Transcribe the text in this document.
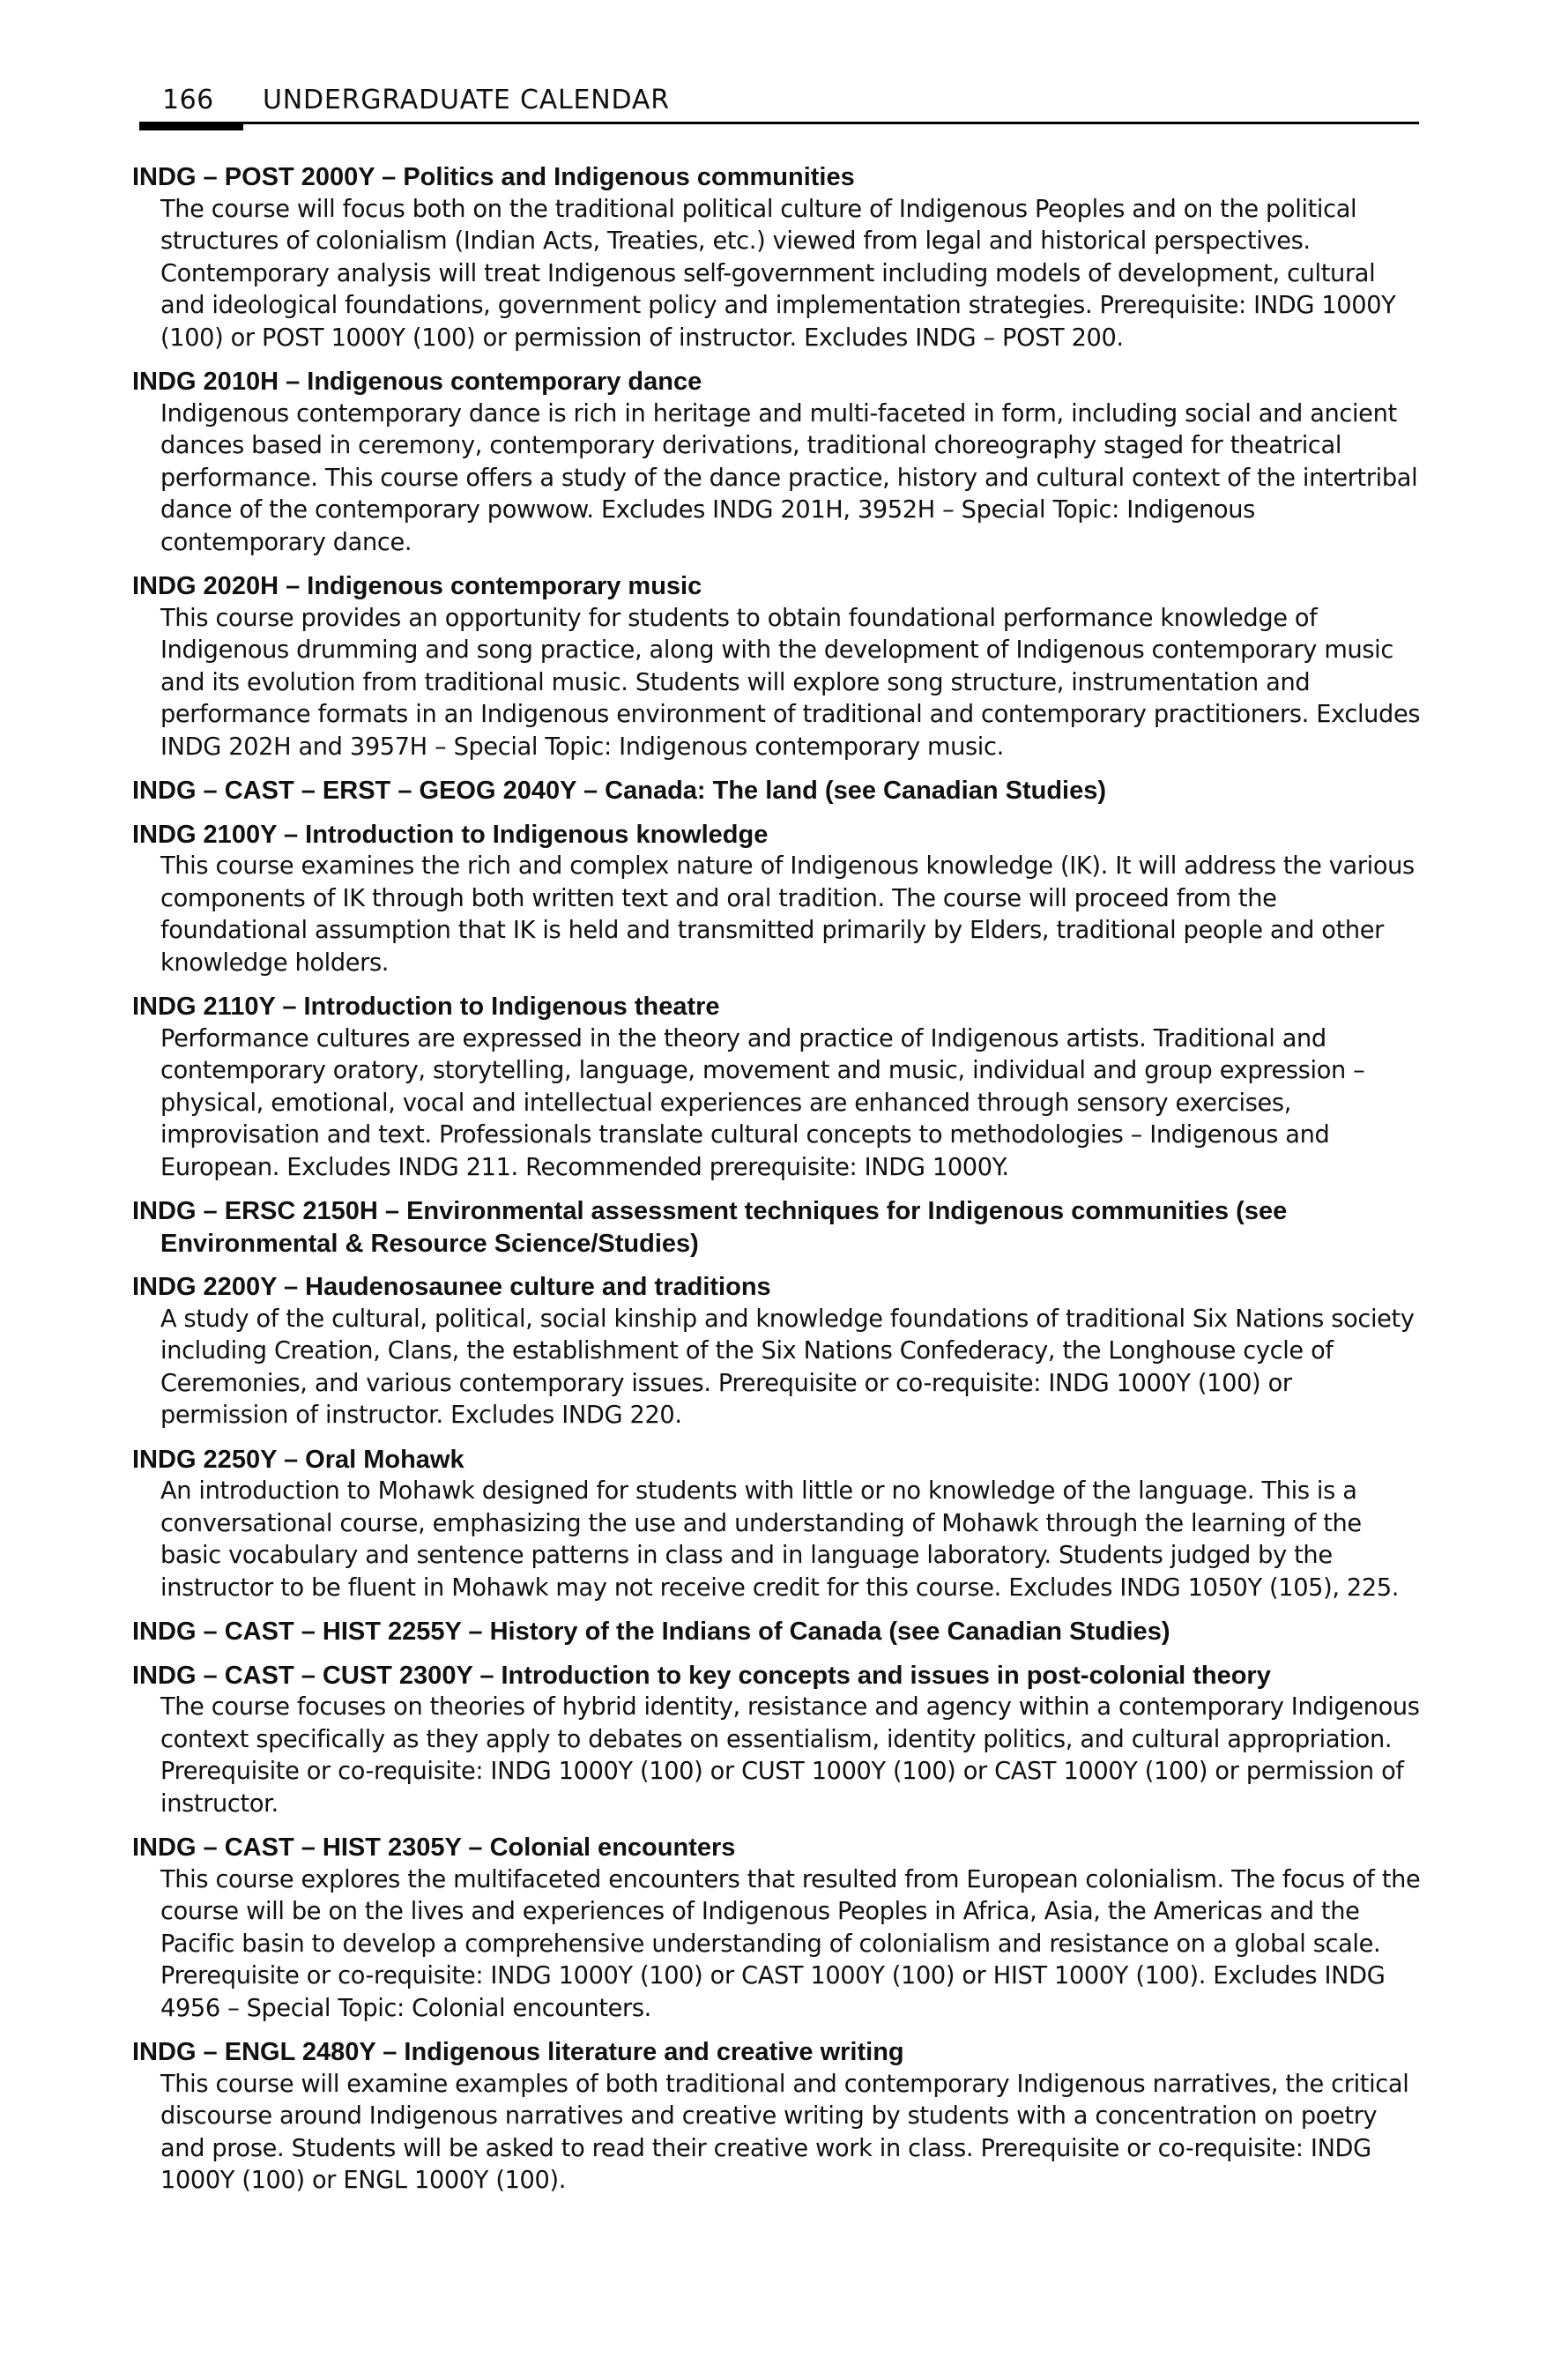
166 UNDERGRADUATE CALENDAR

INDG – POST 2000Y – Politics and Indigenous communities

The course will focus both on the traditional political culture of Indigenous Peoples and on the political structures of colonialism (Indian Acts, Treaties, etc.) viewed from legal and historical perspectives. Contemporary analysis will treat Indigenous self-government including models of development, cultural and ideological foundations, government policy and implementation strategies. Prerequisite: INDG 1000Y (100) or POST 1000Y (100) or permission of instructor. Excludes INDG – POST 200.

INDG 2010H – Indigenous contemporary dance

Indigenous contemporary dance is rich in heritage and multi-faceted in form, including social and ancient dances based in ceremony, contemporary derivations, traditional choreography staged for theatrical performance. This course offers a study of the dance practice, history and cultural context of the intertribal dance of the contemporary powwow. Excludes INDG 201H, 3952H – Special Topic: Indigenous contemporary dance.

INDG 2020H – Indigenous contemporary music

This course provides an opportunity for students to obtain foundational performance knowledge of Indigenous drumming and song practice, along with the development of Indigenous contemporary music and its evolution from traditional music. Students will explore song structure, instrumentation and performance formats in an Indigenous environment of traditional and contemporary practitioners. Excludes INDG 202H and 3957H – Special Topic: Indigenous contemporary music.

INDG – CAST – ERST – GEOG 2040Y – Canada: The land (see Canadian Studies)

INDG 2100Y – Introduction to Indigenous knowledge

This course examines the rich and complex nature of Indigenous knowledge (IK). It will address the various components of IK through both written text and oral tradition. The course will proceed from the foundational assumption that IK is held and transmitted primarily by Elders, traditional people and other knowledge holders.

INDG 2110Y – Introduction to Indigenous theatre

Performance cultures are expressed in the theory and practice of Indigenous artists. Traditional and contemporary oratory, storytelling, language, movement and music, individual and group expression – physical, emotional, vocal and intellectual experiences are enhanced through sensory exercises, improvisation and text. Professionals translate cultural concepts to methodologies – Indigenous and European. Excludes INDG 211. Recommended prerequisite: INDG 1000Y.

INDG – ERSC 2150H – Environmental assessment techniques for Indigenous communities (see Environmental & Resource Science/Studies)

INDG 2200Y – Haudenosaunee culture and traditions

A study of the cultural, political, social kinship and knowledge foundations of traditional Six Nations society including Creation, Clans, the establishment of the Six Nations Confederacy, the Longhouse cycle of Ceremonies, and various contemporary issues. Prerequisite or co-requisite: INDG 1000Y (100) or permission of instructor. Excludes INDG 220.

INDG 2250Y – Oral Mohawk

An introduction to Mohawk designed for students with little or no knowledge of the language. This is a conversational course, emphasizing the use and understanding of Mohawk through the learning of the basic vocabulary and sentence patterns in class and in language laboratory. Students judged by the instructor to be fluent in Mohawk may not receive credit for this course. Excludes INDG 1050Y (105), 225.

INDG – CAST – HIST 2255Y – History of the Indians of Canada (see Canadian Studies)

INDG – CAST – CUST 2300Y – Introduction to key concepts and issues in post-colonial theory

The course focuses on theories of hybrid identity, resistance and agency within a contemporary Indigenous context specifically as they apply to debates on essentialism, identity politics, and cultural appropriation. Prerequisite or co-requisite: INDG 1000Y (100) or CUST 1000Y (100) or CAST 1000Y (100) or permission of instructor.

INDG – CAST – HIST 2305Y – Colonial encounters

This course explores the multifaceted encounters that resulted from European colonialism. The focus of the course will be on the lives and experiences of Indigenous Peoples in Africa, Asia, the Americas and the Pacific basin to develop a comprehensive understanding of colonialism and resistance on a global scale. Prerequisite or co-requisite: INDG 1000Y (100) or CAST 1000Y (100) or HIST 1000Y (100). Excludes INDG 4956 – Special Topic: Colonial encounters.

INDG – ENGL 2480Y – Indigenous literature and creative writing

This course will examine examples of both traditional and contemporary Indigenous narratives, the critical discourse around Indigenous narratives and creative writing by students with a concentration on poetry and prose. Students will be asked to read their creative work in class. Prerequisite or co-requisite: INDG 1000Y (100) or ENGL 1000Y (100).
